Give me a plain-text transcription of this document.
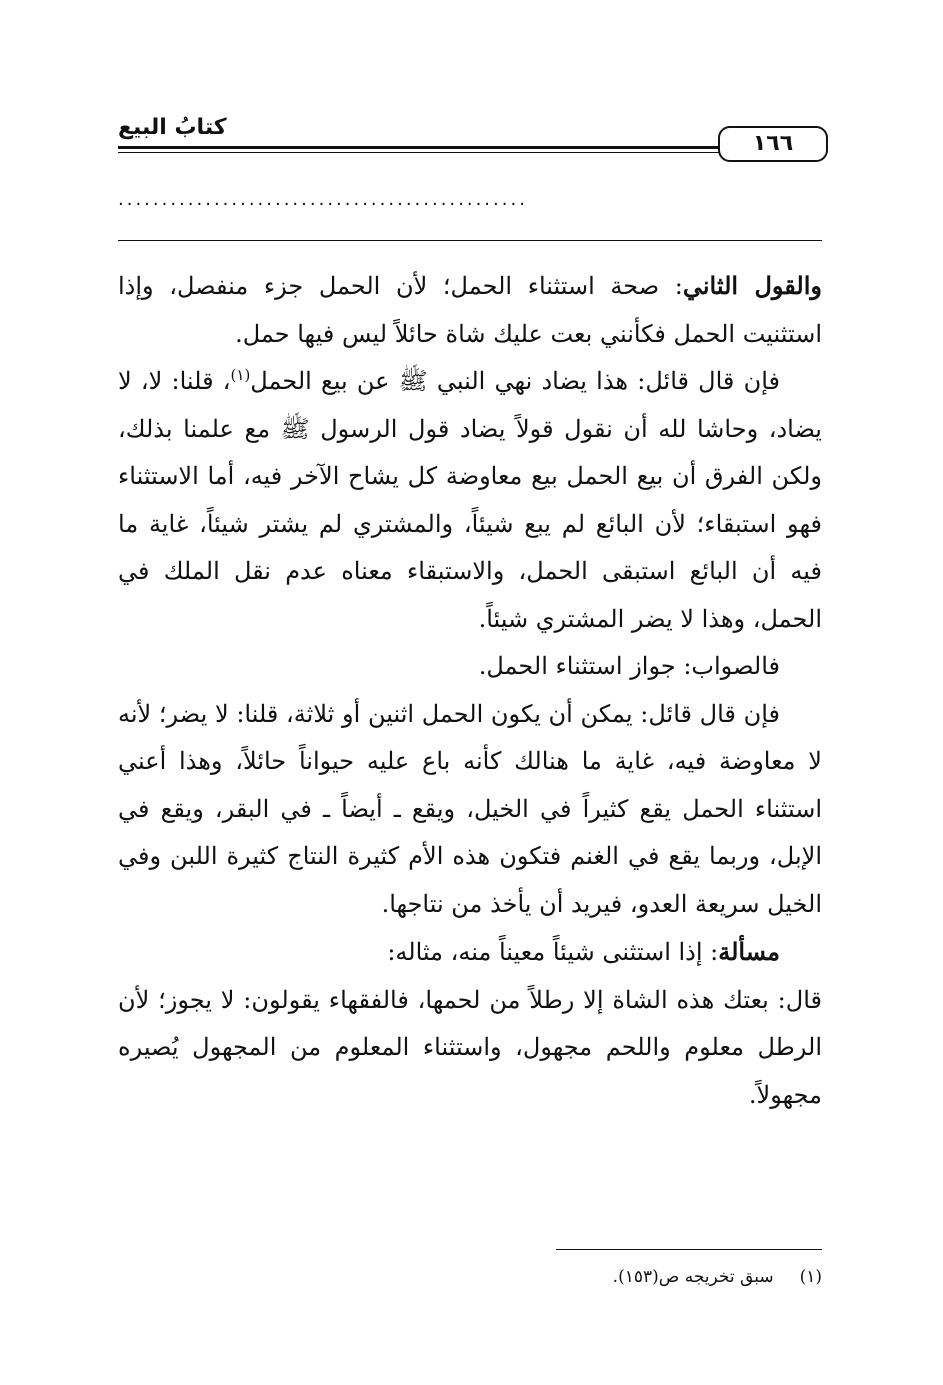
كتابُ البيع
١٦٦
...............................................

والقول الثاني: صحة استثناء الحمل؛ لأن الحمل جزء منفصل، وإذا استثنيت الحمل فكأنني بعت عليك شاة حائلاً ليس فيها حمل.

فإن قال قائل: هذا يضاد نهي النبي ﷺ عن بيع الحمل$^{(١)}$، قلنا: لا، لا يضاد، وحاشا لله أن نقول قولاً يضاد قول الرسول ﷺ مع علمنا بذلك، ولكن الفرق أن بيع الحمل بيع معاوضة كل يشاح الآخر فيه، أما الاستثناء فهو استبقاء؛ لأن البائع لم يبع شيئاً، والمشتري لم يشتر شيئاً، غاية ما فيه أن البائع استبقى الحمل، والاستبقاء معناه عدم نقل الملك في الحمل، وهذا لا يضر المشتري شيئاً.

فالصواب: جواز استثناء الحمل.

فإن قال قائل: يمكن أن يكون الحمل اثنين أو ثلاثة، قلنا: لا يضر؛ لأنه لا معاوضة فيه، غاية ما هنالك كأنه باع عليه حيواناً حائلاً، وهذا أعني استثناء الحمل يقع كثيراً في الخيل، ويقع ـ أيضاً ـ في البقر، ويقع في الإبل، وربما يقع في الغنم فتكون هذه الأم كثيرة النتاج كثيرة اللبن وفي الخيل سريعة العدو، فيريد أن يأخذ من نتاجها.

مسألة: إذا استثنى شيئاً معيناً منه، مثاله:

قال: بعتك هذه الشاة إلا رطلاً من لحمها، فالفقهاء يقولون: لا يجوز؛ لأن الرطل معلوم واللحم مجهول، واستثناء المعلوم من المجهول يُصيره مجهولاً.

(١)سبق تخريجه ص(١٥٣).
